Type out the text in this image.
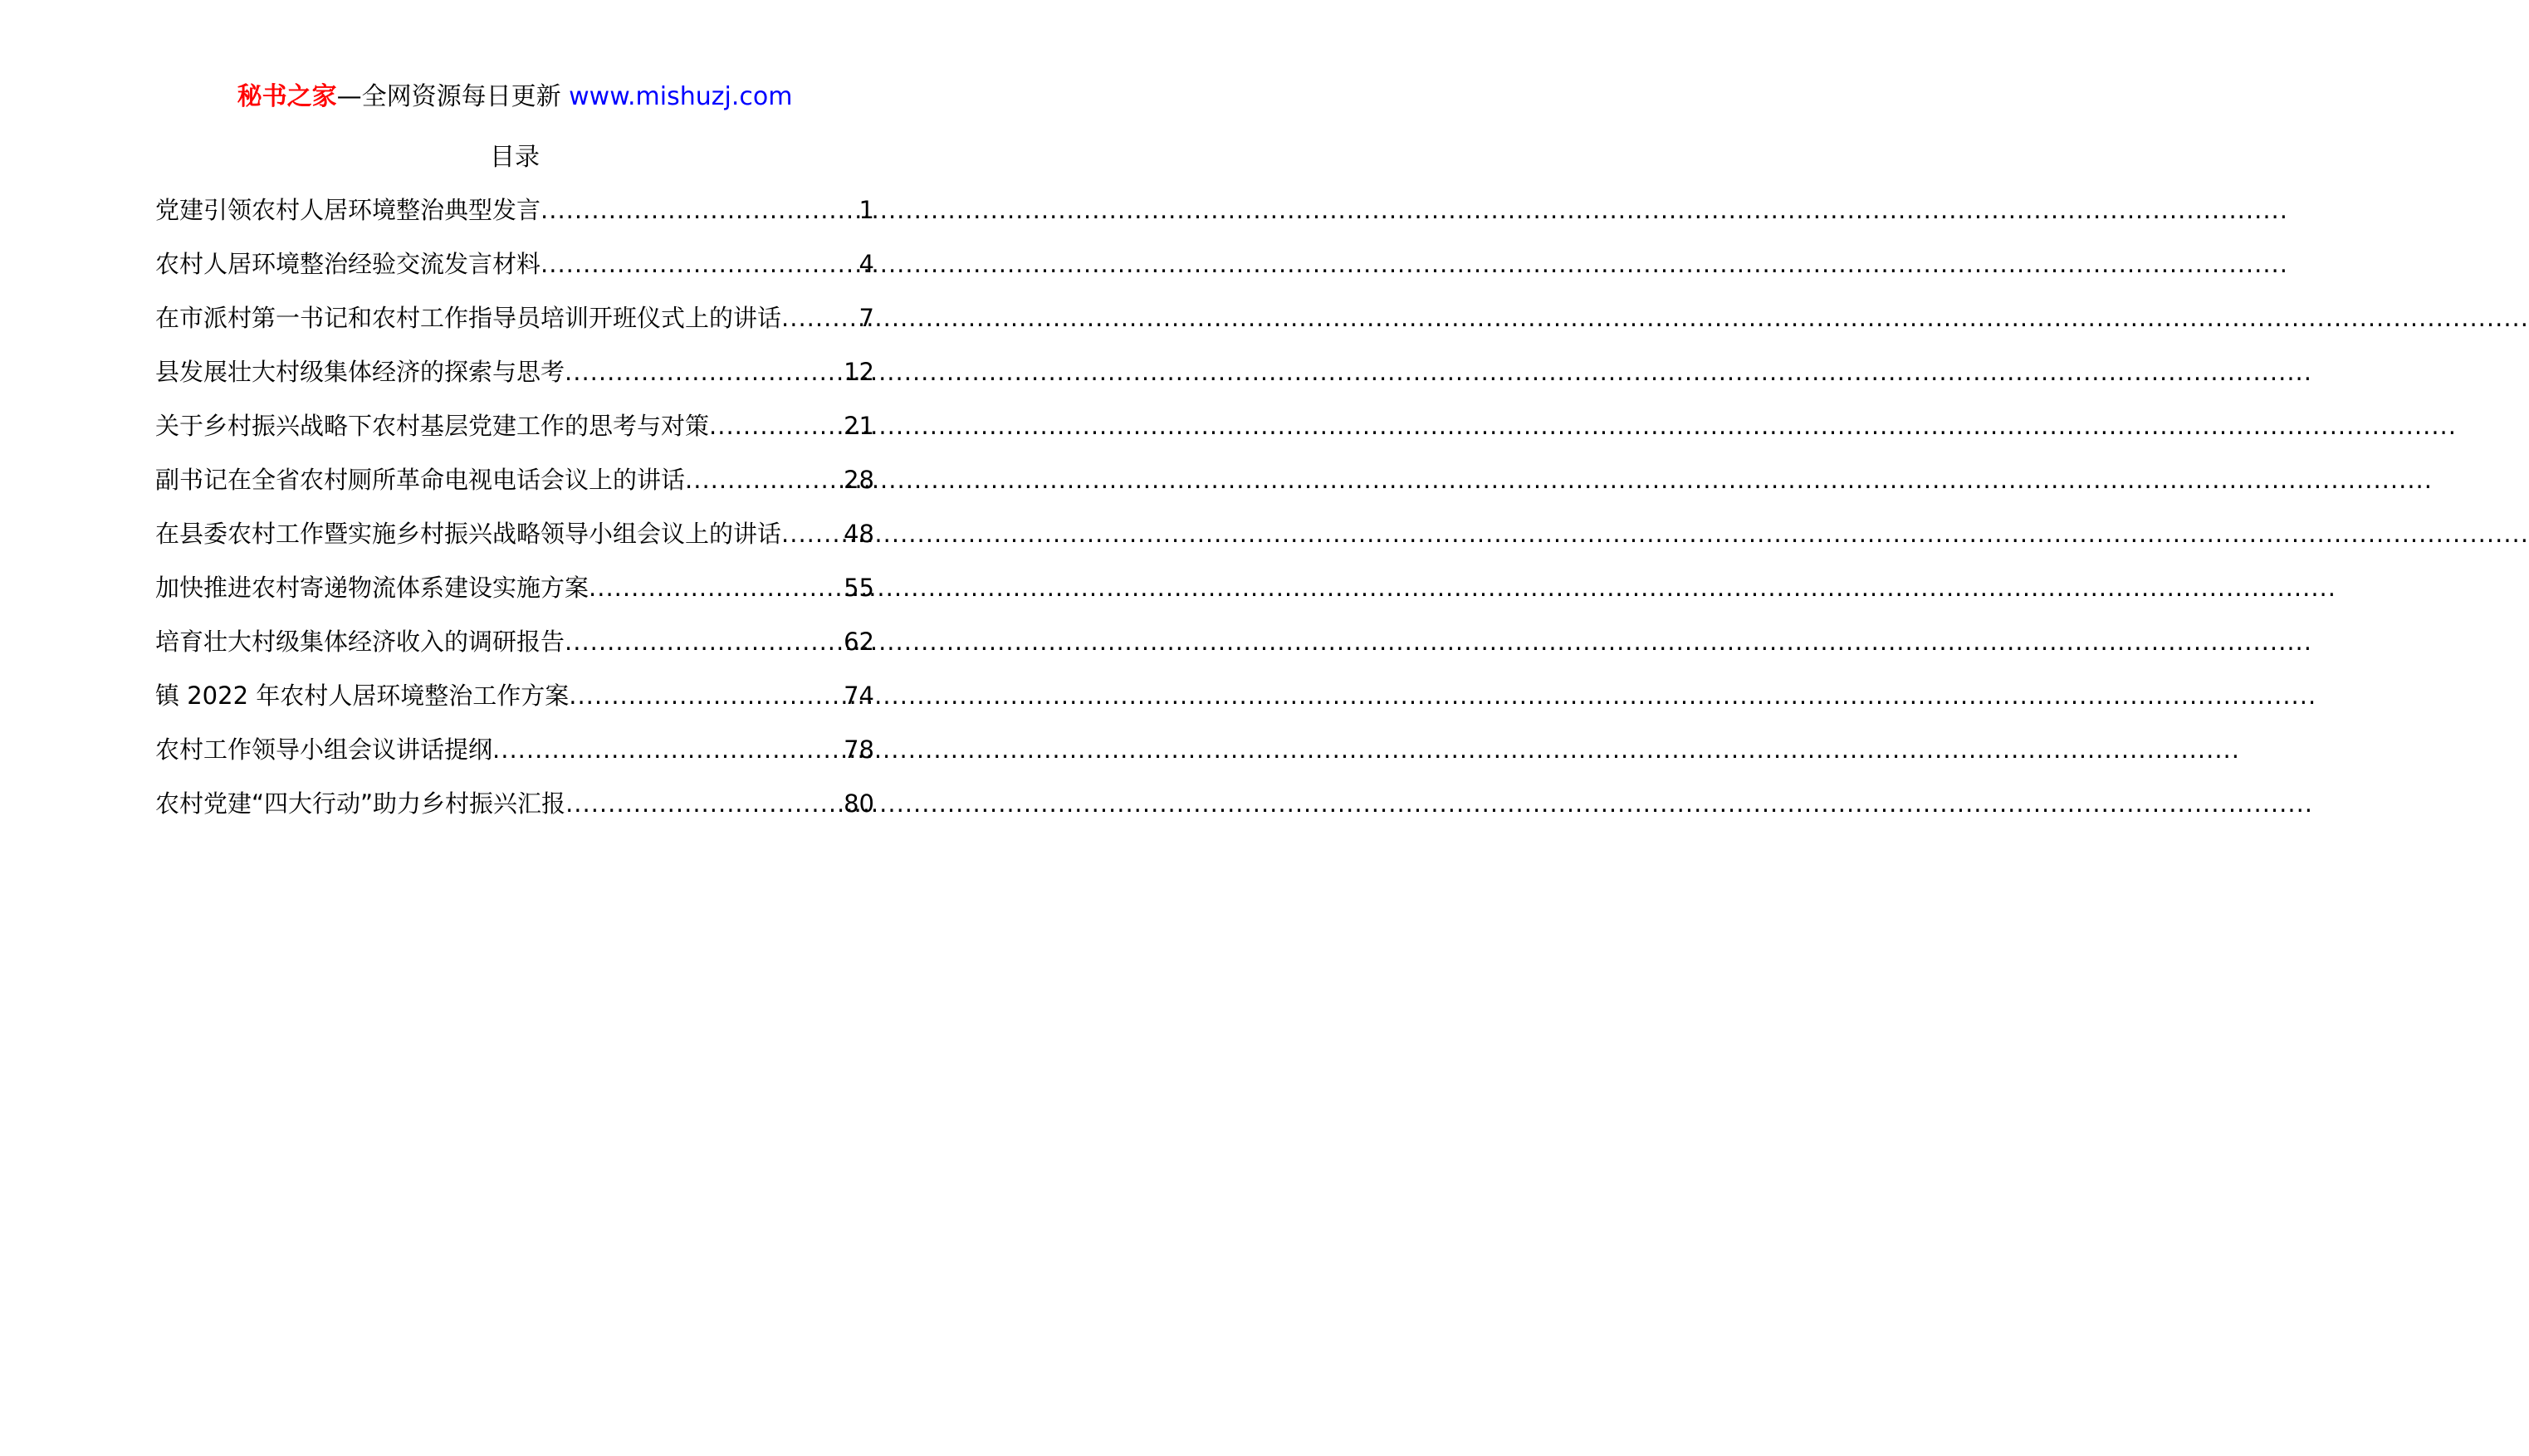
秘书之家—全网资源每日更新 www.mishuzj.com
目录
党建引领农村人居环境整治典型发言 .....	1
农村人居环境整治经验交流发言材料 .....	4
在市派村第一书记和农村工作指导员培训开班仪式上的讲话 .....	7
县发展壮大村级集体经济的探索与思考 .....	12
关于乡村振兴战略下农村基层党建工作的思考与对策 .....	21
副书记在全省农村厕所革命电视电话会议上的讲话 .....	28
在县委农村工作暨实施乡村振兴战略领导小组会议上的讲话 .....	48
加快推进农村寄递物流体系建设实施方案 .....	55
培育壮大村级集体经济收入的调研报告 .....	62
镇 2022 年农村人居环境整治工作方案 .....	74
农村工作领导小组会议讲话提纲 .....	78
农村党建“四大行动”助力乡村振兴汇报 .....	80
